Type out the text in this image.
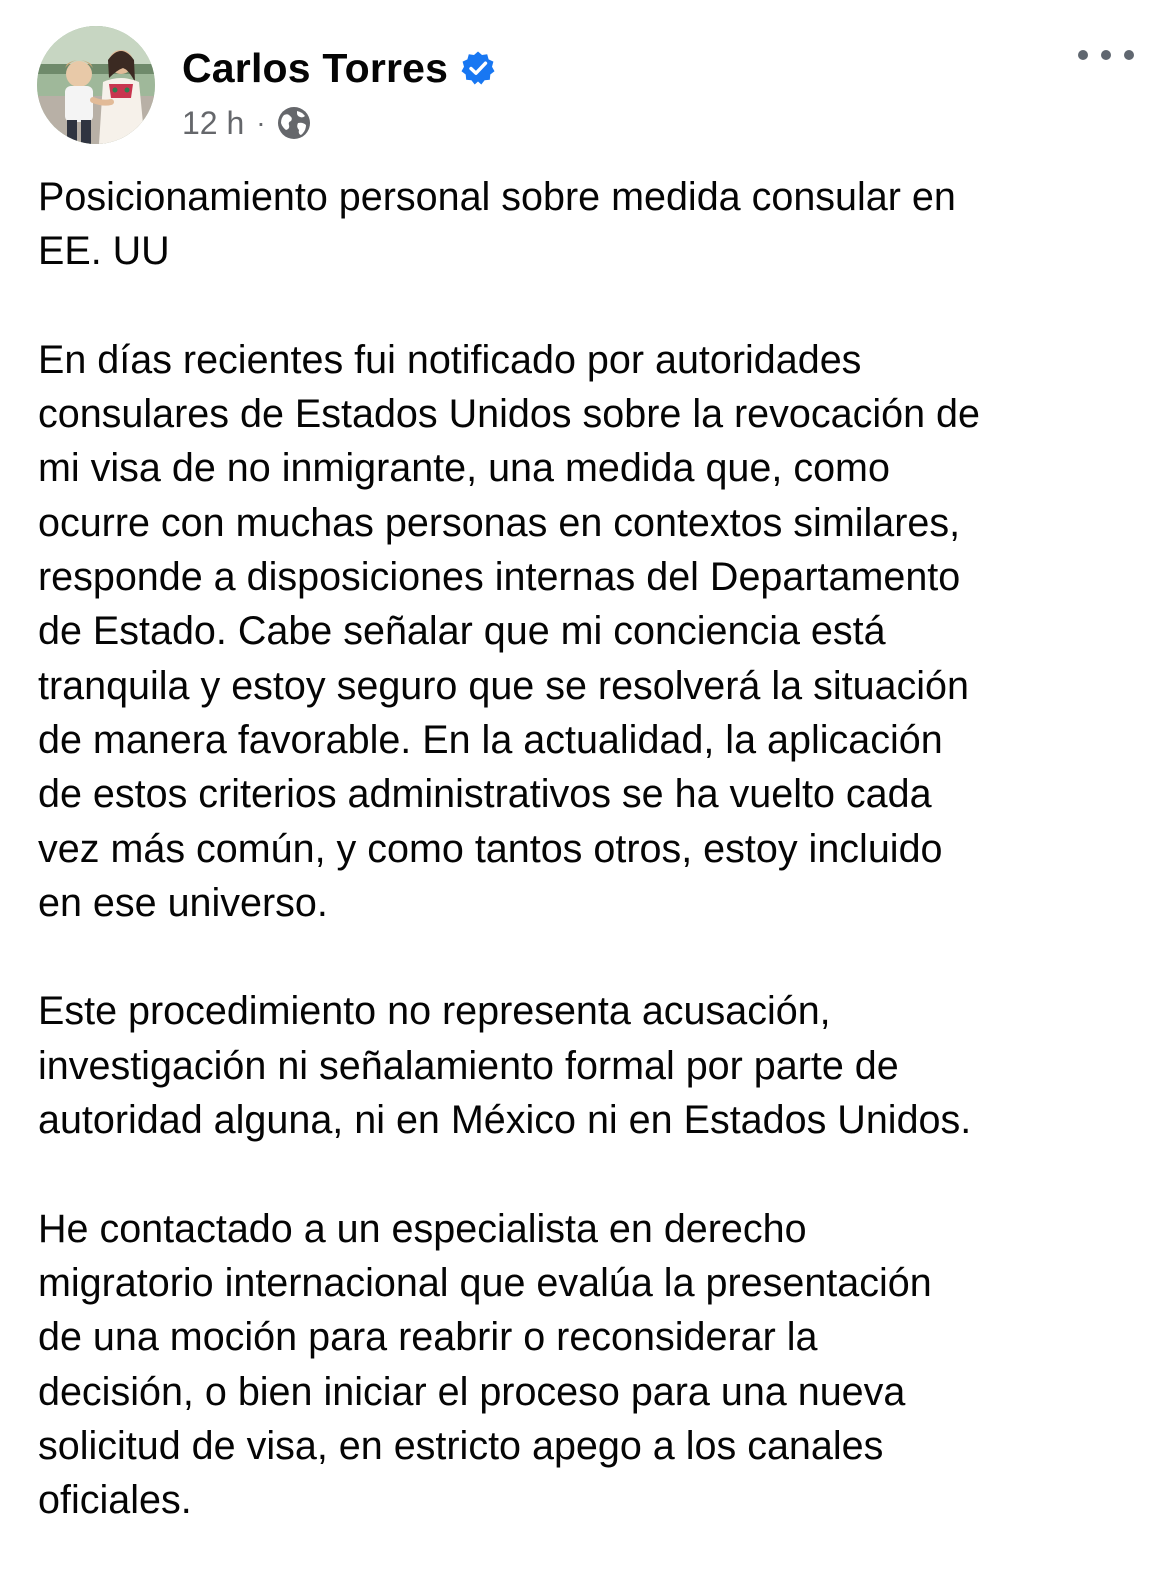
Carlos Torres
12 h ·

Posicionamiento personal sobre medida consular en
EE. UU

En días recientes fui notificado por autoridades
consulares de Estados Unidos sobre la revocación de
mi visa de no inmigrante, una medida que, como
ocurre con muchas personas en contextos similares,
responde a disposiciones internas del Departamento
de Estado. Cabe señalar que mi conciencia está
tranquila y estoy seguro que se resolverá la situación
de manera favorable. En la actualidad, la aplicación
de estos criterios administrativos se ha vuelto cada
vez más común, y como tantos otros, estoy incluido
en ese universo.

Este procedimiento no representa acusación,
investigación ni señalamiento formal por parte de
autoridad alguna, ni en México ni en Estados Unidos.

He contactado a un especialista en derecho
migratorio internacional que evalúa la presentación
de una moción para reabrir o reconsiderar la
decisión, o bien iniciar el proceso para una nueva
solicitud de visa, en estricto apego a los canales
oficiales.
